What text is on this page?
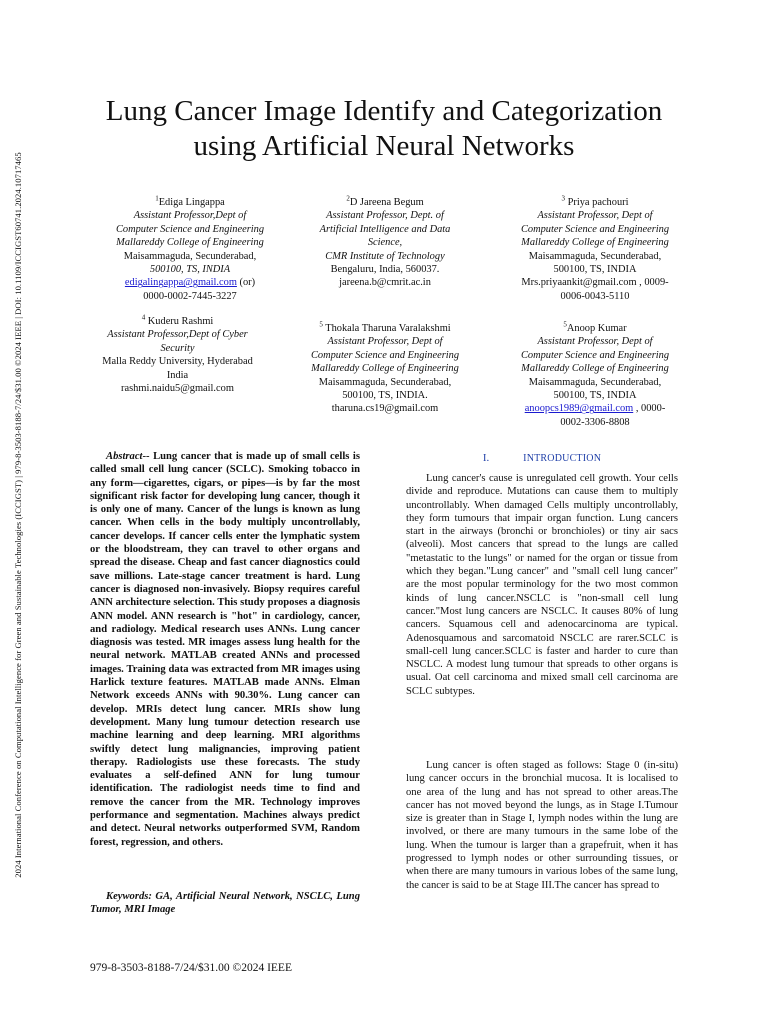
2024 International Conference on Computational Intelligence for Green and Sustainable Technologies (ICCIGST) | 979-8-3503-8188-7/24/$31.00 ©2024 IEEE | DOI: 10.1109/ICCIGST60741.2024.10717465
Lung Cancer Image Identify and Categorization
using Artificial Neural Networks
$^1$Ediga Lingappa
Assistant Professor,Dept of
Computer Science and Engineering
Mallareddy College of Engineering
Maisammaguda, Secunderabad,
500100, TS, INDIA
edigalingappa@gmail.com (or)
0000-0002-7445-3227
$^2$D Jareena Begum
Assistant Professor, Dept. of
Artificial Intelligence and Data
Science,
CMR Institute of Technology
Bengaluru, India, 560037.
jareena.b@cmrit.ac.in
$^3$ Priya pachouri
Assistant Professor, Dept of
Computer Science and Engineering
Mallareddy College of Engineering
Maisammaguda, Secunderabad,
500100, TS, INDIA
Mrs.priyaankit@gmail.com , 0009-
0006-0043-5110
$^4$ Kuderu Rashmi
Assistant Professor,Dept of Cyber
Security
Malla Reddy University, Hyderabad
India
rashmi.naidu5@gmail.com
$^5$ Thokala Tharuna Varalakshmi
Assistant Professor, Dept of
Computer Science and Engineering
Mallareddy College of Engineering
Maisammaguda, Secunderabad,
500100, TS, INDIA.
tharuna.cs19@gmail.com
$^5$Anoop Kumar
Assistant Professor, Dept of
Computer Science and Engineering
Mallareddy College of Engineering
Maisammaguda, Secunderabad,
500100, TS, INDIA
anoopcs1989@gmail.com , 0000-
0002-3306-8808
Abstract-- Lung cancer that is made up of small cells is called small cell lung cancer (SCLC). Smoking tobacco in any form—cigarettes, cigars, or pipes—is by far the most significant risk factor for developing lung cancer, though it is only one of many. Cancer of the lungs is known as lung cancer. When cells in the body multiply uncontrollably, cancer develops. If cancer cells enter the lymphatic system or the bloodstream, they can travel to other organs and spread the disease. Cheap and fast cancer diagnostics could save millions. Late-stage cancer treatment is hard. Lung cancer is diagnosed non-invasively. Biopsy requires careful ANN architecture selection. This study proposes a diagnosis ANN model. ANN research is "hot" in cardiology, cancer, and radiology. Medical research uses ANNs. Lung cancer diagnosis was tested. MR images assess lung health for the neural network. MATLAB created ANNs and processed images. Training data was extracted from MR images using Harlick texture features. MATLAB made ANNs. Elman Network exceeds ANNs with 90.30%. Lung cancer can develop. MRIs detect lung cancer. MRIs show lung development. Many lung tumour detection research use machine learning and deep learning. MRI algorithms swiftly detect lung malignancies, improving patient therapy. Radiologists use these forecasts. The study evaluates a self-defined ANN for lung tumour identification. The radiologist needs time to find and remove the cancer from the MR. Technology improves performance and segmentation. Machines always predict and detect. Neural networks outperformed SVM, Random forest, regression, and others.
Keywords: GA, Artificial Neural Network, NSCLC, Lung Tumor, MRI Image
I.	INTRODUCTION
Lung cancer's cause is unregulated cell growth. Your cells divide and reproduce. Mutations can cause them to multiply uncontrollably. When damaged Cells multiply uncontrollably, they form tumours that impair organ function. Lung cancers start in the airways (bronchi or bronchioles) or tiny air sacs (alveoli). Most cancers that spread to the lungs are called "metastatic to the lungs" or named for the organ or tissue from which they began."Lung cancer" and "small cell lung cancer" are the most popular terminology for the two most common kinds of lung cancer.NSCLC is "non-small cell lung cancer."Most lung cancers are NSCLC. It causes 80% of lung cancers. Squamous cell and adenocarcinoma are typical. Adenosquamous and sarcomatoid NSCLC are rarer.SCLC is small-cell lung cancer.SCLC is faster and harder to cure than NSCLC. A modest lung tumour that spreads to other organs is usual. Oat cell carcinoma and mixed small cell carcinoma are SCLC subtypes.
Lung cancer is often staged as follows: Stage 0 (in-situ) lung cancer occurs in the bronchial mucosa. It is localised to one area of the lung and has not spread to other areas.The cancer has not moved beyond the lungs, as in Stage I.Tumour size is greater than in Stage I, lymph nodes within the lung are involved, or there are many tumours in the same lobe of the lung. When the tumour is larger than a grapefruit, when it has progressed to lymph nodes or other surrounding tissues, or when there are many tumours in various lobes of the same lung, the cancer is said to be at Stage III.The cancer has spread to
979-8-3503-8188-7/24/$31.00 ©2024 IEEE
